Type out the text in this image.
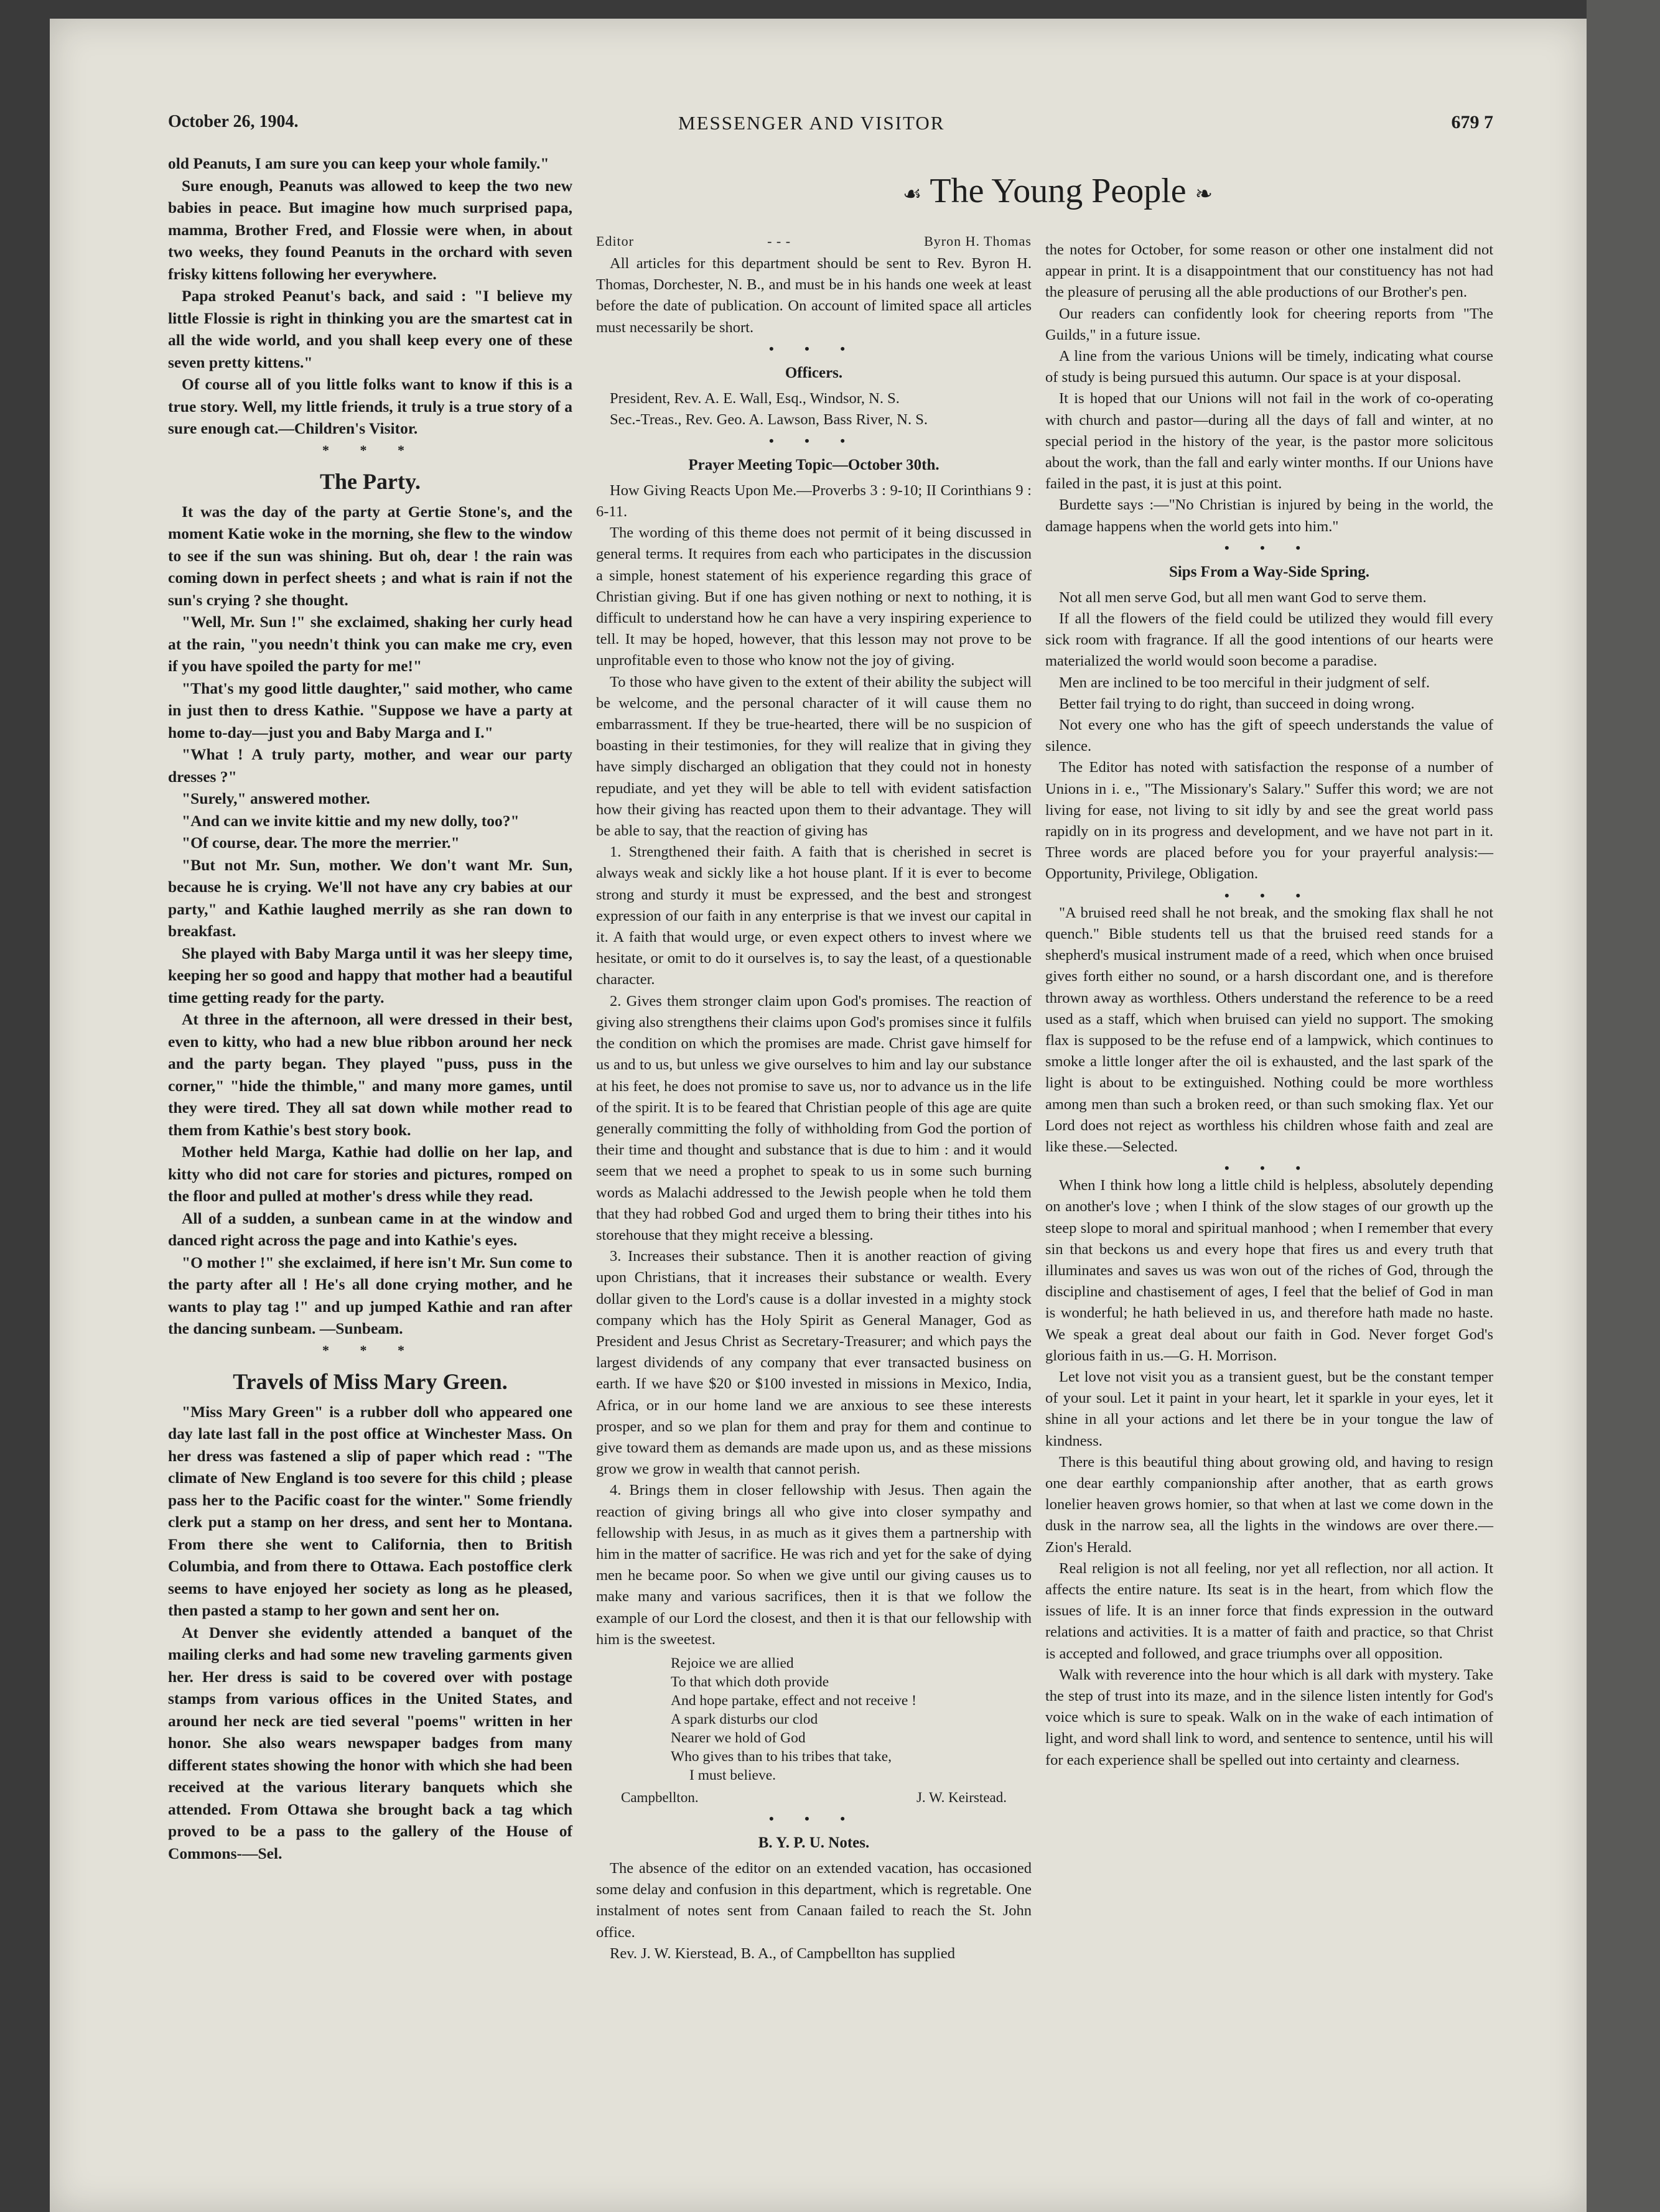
October 26, 1904.	MESSENGER AND VISITOR	679 7
☙ The Young People ❧

old Peanuts, I am sure you can keep your whole family."

Sure enough, Peanuts was allowed to keep the two new babies in peace. But imagine how much surprised papa, mamma, Brother Fred, and Flossie were when, in about two weeks, they found Peanuts in the orchard with seven frisky kittens following her everywhere.

Papa stroked Peanut's back, and said : "I believe my little Flossie is right in thinking you are the smartest cat in all the wide world, and you shall keep every one of these seven pretty kittens."

Of course all of you little folks want to know if this is a true story. Well, my little friends, it truly is a true story of a sure enough cat.—Children's Visitor.

* * *
The Party.

It was the day of the party at Gertie Stone's, and the moment Katie woke in the morning, she flew to the window to see if the sun was shining. But oh, dear ! the rain was coming down in perfect sheets ; and what is rain if not the sun's crying ? she thought.

"Well, Mr. Sun !" she exclaimed, shaking her curly head at the rain, "you needn't think you can make me cry, even if you have spoiled the party for me!"

"That's my good little daughter," said mother, who came in just then to dress Kathie. "Suppose we have a party at home to-day—just you and Baby Marga and I."

"What ! A truly party, mother, and wear our party dresses ?"

"Surely," answered mother.

"And can we invite kittie and my new dolly, too?"

"Of course, dear. The more the merrier."

"But not Mr. Sun, mother. We don't want Mr. Sun, because he is crying. We'll not have any cry babies at our party," and Kathie laughed merrily as she ran down to breakfast.

She played with Baby Marga until it was her sleepy time, keeping her so good and happy that mother had a beautiful time getting ready for the party.

At three in the afternoon, all were dressed in their best, even to kitty, who had a new blue ribbon around her neck and the party began. They played "puss, puss in the corner," "hide the thimble," and many more games, until they were tired. They all sat down while mother read to them from Kathie's best story book.

Mother held Marga, Kathie had dollie on her lap, and kitty who did not care for stories and pictures, romped on the floor and pulled at mother's dress while they read.

All of a sudden, a sunbean came in at the window and danced right across the page and into Kathie's eyes.

"O mother !" she exclaimed, if here isn't Mr. Sun come to the party after all ! He's all done crying mother, and he wants to play tag !" and up jumped Kathie and ran after the dancing sunbeam. —Sunbeam.

* * *
Travels of Miss Mary Green.

"Miss Mary Green" is a rubber doll who appeared one day late last fall in the post office at Winchester Mass. On her dress was fastened a slip of paper which read : "The climate of New England is too severe for this child ; please pass her to the Pacific coast for the winter." Some friendly clerk put a stamp on her dress, and sent her to Montana. From there she went to California, then to British Columbia, and from there to Ottawa. Each postoffice clerk seems to have enjoyed her society as long as he pleased, then pasted a stamp to her gown and sent her on.

At Denver she evidently attended a banquet of the mailing clerks and had some new traveling garments given her. Her dress is said to be covered over with postage stamps from various offices in the United States, and around her neck are tied several "poems" written in her honor. She also wears newspaper badges from many different states showing the honor with which she had been received at the various literary banquets which she attended. From Ottawa she brought back a tag which proved to be a pass to the gallery of the House of Commons-—Sel.

Editor	- - -	Byron H. Thomas

All articles for this department should be sent to Rev. Byron H. Thomas, Dorchester, N. B., and must be in his hands one week at least before the date of publication. On account of limited space all articles must necessarily be short.

• • •
Officers.
President, Rev. A. E. Wall, Esq., Windsor, N. S.
Sec.-Treas., Rev. Geo. A. Lawson, Bass River, N. S.
• • •
Prayer Meeting Topic—October 30th.

How Giving Reacts Upon Me.—Proverbs 3 : 9-10; II Corinthians 9 : 6-11.

The wording of this theme does not permit of it being discussed in general terms. It requires from each who participates in the discussion a simple, honest statement of his experience regarding this grace of Christian giving. But if one has given nothing or next to nothing, it is difficult to understand how he can have a very inspiring experience to tell. It may be hoped, however, that this lesson may not prove to be unprofitable even to those who know not the joy of giving.

To those who have given to the extent of their ability the subject will be welcome, and the personal character of it will cause them no embarrassment. If they be true-hearted, there will be no suspicion of boasting in their testimonies, for they will realize that in giving they have simply discharged an obligation that they could not in honesty repudiate, and yet they will be able to tell with evident satisfaction how their giving has reacted upon them to their advantage. They will be able to say, that the reaction of giving has

1. Strengthened their faith. A faith that is cherished in secret is always weak and sickly like a hot house plant. If it is ever to become strong and sturdy it must be expressed, and the best and strongest expression of our faith in any enterprise is that we invest our capital in it. A faith that would urge, or even expect others to invest where we hesitate, or omit to do it ourselves is, to say the least, of a questionable character.

2. Gives them stronger claim upon God's promises. The reaction of giving also strengthens their claims upon God's promises since it fulfils the condition on which the promises are made. Christ gave himself for us and to us, but unless we give ourselves to him and lay our substance at his feet, he does not promise to save us, nor to advance us in the life of the spirit. It is to be feared that Christian people of this age are quite generally committing the folly of withholding from God the portion of their time and thought and substance that is due to him : and it would seem that we need a prophet to speak to us in some such burning words as Malachi addressed to the Jewish people when he told them that they had robbed God and urged them to bring their tithes into his storehouse that they might receive a blessing.

3. Increases their substance. Then it is another reaction of giving upon Christians, that it increases their substance or wealth. Every dollar given to the Lord's cause is a dollar invested in a mighty stock company which has the Holy Spirit as General Manager, God as President and Jesus Christ as Secretary-Treasurer; and which pays the largest dividends of any company that ever transacted business on earth. If we have $20 or $100 invested in missions in Mexico, India, Africa, or in our home land we are anxious to see these interests prosper, and so we plan for them and pray for them and continue to give toward them as demands are made upon us, and as these missions grow we grow in wealth that cannot perish.

4. Brings them in closer fellowship with Jesus. Then again the reaction of giving brings all who give into closer sympathy and fellowship with Jesus, in as much as it gives them a partnership with him in the matter of sacrifice. He was rich and yet for the sake of dying men he became poor. So when we give until our giving causes us to make many and various sacrifices, then it is that we follow the example of our Lord the closest, and then it is that our fellowship with him is the sweetest.

Rejoice we are allied
To that which doth provide
And hope partake, effect and not receive !
A spark disturbs our clod
Nearer we hold of God
Who gives than to his tribes that take,
I must believe.
Campbellton.	J. W. Keirstead.
• • •
B. Y. P. U. Notes.

The absence of the editor on an extended vacation, has occasioned some delay and confusion in this department, which is regretable. One instalment of notes sent from Canaan failed to reach the St. John office.

Rev. J. W. Kierstead, B. A., of Campbellton has supplied

the notes for October, for some reason or other one instalment did not appear in print. It is a disappointment that our constituency has not had the pleasure of perusing all the able productions of our Brother's pen.

Our readers can confidently look for cheering reports from "The Guilds," in a future issue.

A line from the various Unions will be timely, indicating what course of study is being pursued this autumn. Our space is at your disposal.

It is hoped that our Unions will not fail in the work of co-operating with church and pastor—during all the days of fall and winter, at no special period in the history of the year, is the pastor more solicitous about the work, than the fall and early winter months. If our Unions have failed in the past, it is just at this point.

Burdette says :—"No Christian is injured by being in the world, the damage happens when the world gets into him."

• • •
Sips From a Way-Side Spring.

Not all men serve God, but all men want God to serve them.

If all the flowers of the field could be utilized they would fill every sick room with fragrance. If all the good intentions of our hearts were materialized the world would soon become a paradise.

Men are inclined to be too merciful in their judgment of self.

Better fail trying to do right, than succeed in doing wrong.

Not every one who has the gift of speech understands the value of silence.

The Editor has noted with satisfaction the response of a number of Unions in i. e., "The Missionary's Salary." Suffer this word; we are not living for ease, not living to sit idly by and see the great world pass rapidly on in its progress and development, and we have not part in it. Three words are placed before you for your prayerful analysis:—Opportunity, Privilege, Obligation.

• • •

"A bruised reed shall he not break, and the smoking flax shall he not quench." Bible students tell us that the bruised reed stands for a shepherd's musical instrument made of a reed, which when once bruised gives forth either no sound, or a harsh discordant one, and is therefore thrown away as worthless. Others understand the reference to be a reed used as a staff, which when bruised can yield no support. The smoking flax is supposed to be the refuse end of a lampwick, which continues to smoke a little longer after the oil is exhausted, and the last spark of the light is about to be extinguished. Nothing could be more worthless among men than such a broken reed, or than such smoking flax. Yet our Lord does not reject as worthless his children whose faith and zeal are like these.—Selected.

• • •

When I think how long a little child is helpless, absolutely depending on another's love ; when I think of the slow stages of our growth up the steep slope to moral and spiritual manhood ; when I remember that every sin that beckons us and every hope that fires us and every truth that illuminates and saves us was won out of the riches of God, through the discipline and chastisement of ages, I feel that the belief of God in man is wonderful; he hath believed in us, and therefore hath made no haste. We speak a great deal about our faith in God. Never forget God's glorious faith in us.—G. H. Morrison.

Let love not visit you as a transient guest, but be the constant temper of your soul. Let it paint in your heart, let it sparkle in your eyes, let it shine in all your actions and let there be in your tongue the law of kindness.

There is this beautiful thing about growing old, and having to resign one dear earthly companionship after another, that as earth grows lonelier heaven grows homier, so that when at last we come down in the dusk in the narrow sea, all the lights in the windows are over there.—Zion's Herald.

Real religion is not all feeling, nor yet all reflection, nor all action. It affects the entire nature. Its seat is in the heart, from which flow the issues of life. It is an inner force that finds expression in the outward relations and activities. It is a matter of faith and practice, so that Christ is accepted and followed, and grace triumphs over all opposition.

Walk with reverence into the hour which is all dark with mystery. Take the step of trust into its maze, and in the silence listen intently for God's voice which is sure to speak. Walk on in the wake of each intimation of light, and word shall link to word, and sentence to sentence, until his will for each experience shall be spelled out into certainty and clearness.
